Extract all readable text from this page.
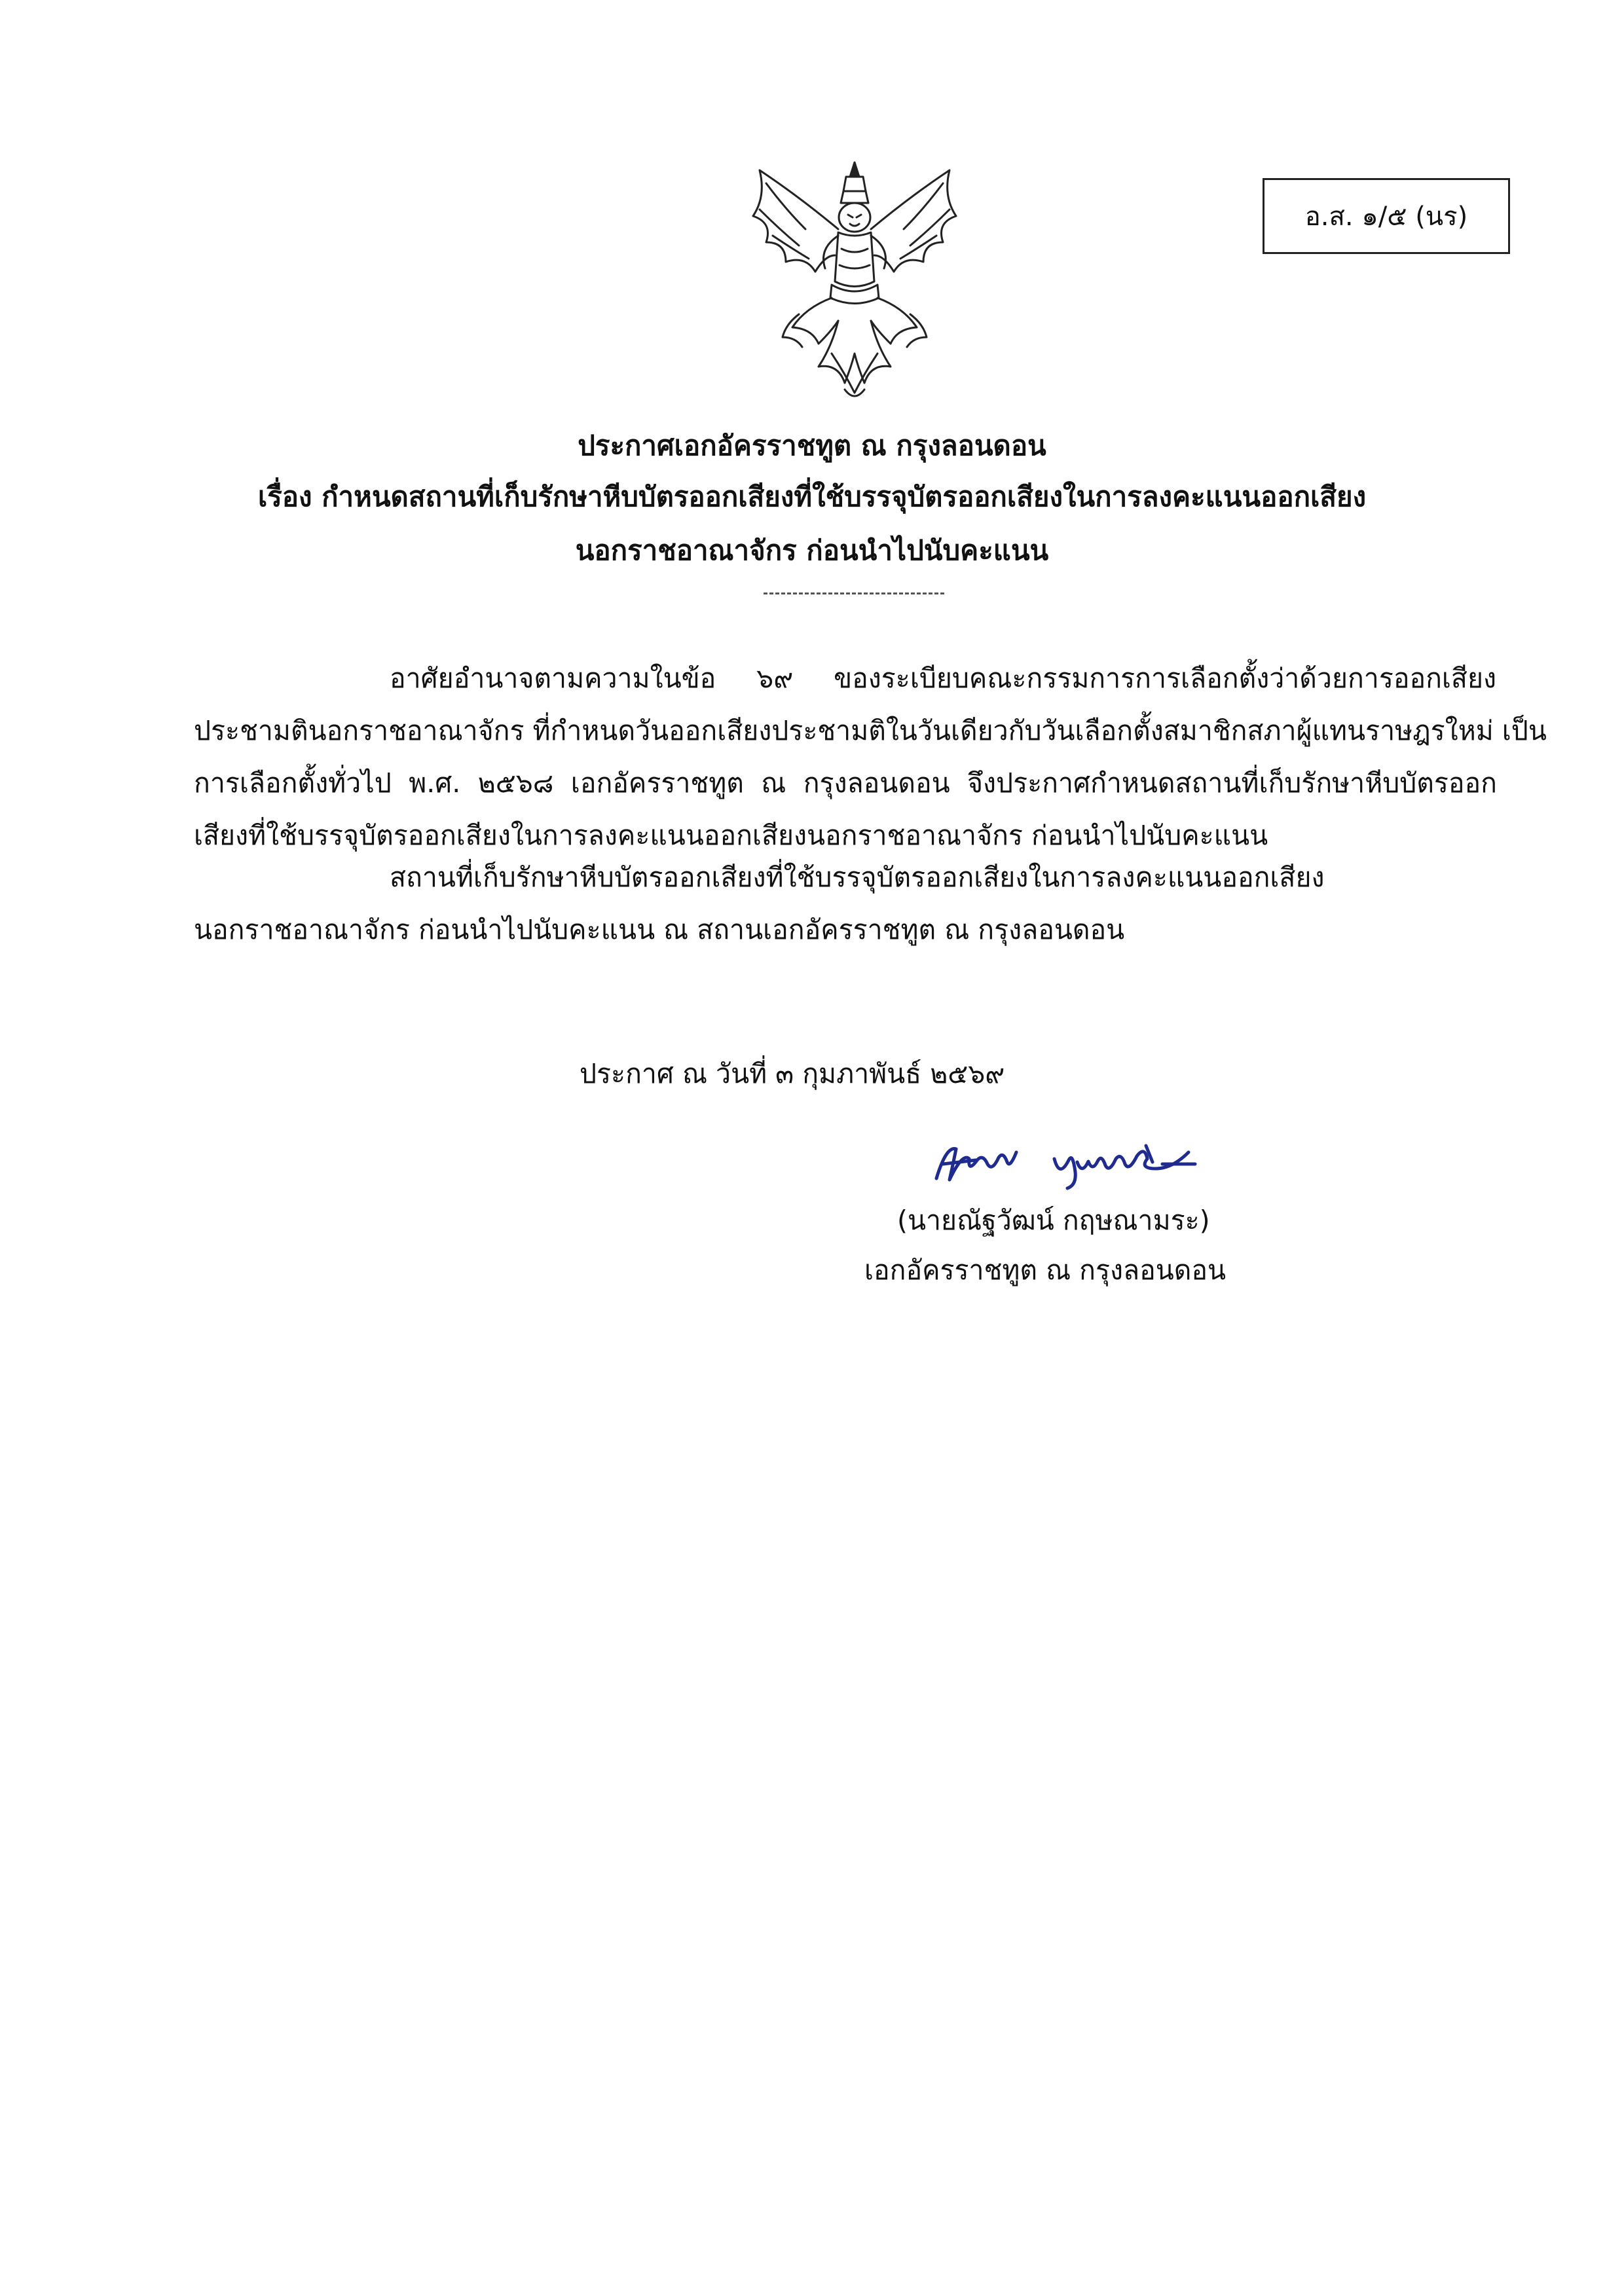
อ.ส. ๑/๕ (นร)
ประกาศเอกอัครราชทูต ณ กรุงลอนดอน
เรื่อง กำหนดสถานที่เก็บรักษาหีบบัตรออกเสียงที่ใช้บรรจุบัตรออกเสียงในการลงคะแนนออกเสียง
นอกราชอาณาจักร ก่อนนำไปนับคะแนน
อาศัยอำนาจตามความในข้อ ๖๙ ของระเบียบคณะกรรมการการเลือกตั้งว่าด้วยการออกเสียง
ประชามตินอกราชอาณาจักร ที่กำหนดวันออกเสียงประชามติในวันเดียวกับวันเลือกตั้งสมาชิกสภาผู้แทนราษฎรใหม่ เป็น
การเลือกตั้งทั่วไป พ.ศ. ๒๕๖๘ เอกอัครราชทูต ณ กรุงลอนดอน จึงประกาศกำหนดสถานที่เก็บรักษาหีบบัตรออก
เสียงที่ใช้บรรจุบัตรออกเสียงในการลงคะแนนออกเสียงนอกราชอาณาจักร ก่อนนำไปนับคะแนน
สถานที่เก็บรักษาหีบบัตรออกเสียงที่ใช้บรรจุบัตรออกเสียงในการลงคะแนนออกเสียง
นอกราชอาณาจักร ก่อนนำไปนับคะแนน ณ สถานเอกอัครราชทูต ณ กรุงลอนดอน
ประกาศ ณ วันที่ ๓ กุมภาพันธ์ ๒๕๖๙
(นายณัฐวัฒน์ กฤษณามระ)
เอกอัครราชทูต ณ กรุงลอนดอน
